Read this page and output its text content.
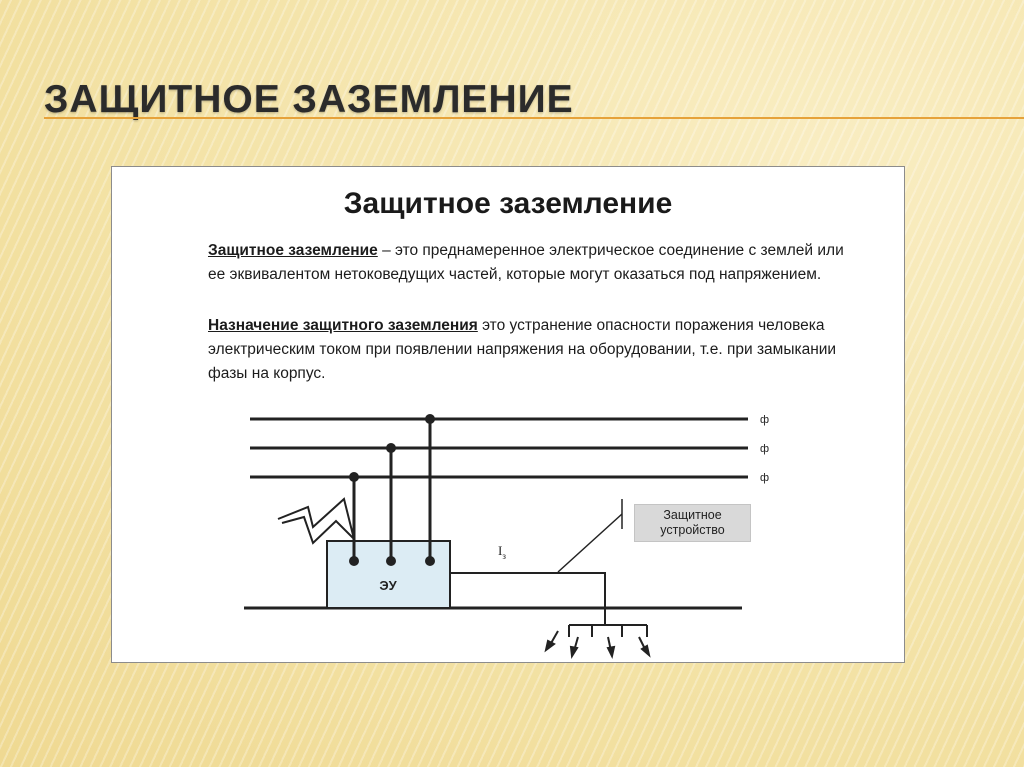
ЗАЩИТНОЕ ЗАЗЕМЛЕНИЕ
Защитное заземление
Защитное заземление – это преднамеренное электрическое соединение с землей или ее эквивалентом нетоковедущих частей, которые могут оказаться под напряжением.
Назначение защитного заземления это устранение опасности поражения человека электрическим током при появлении напряжения на оборудовании, т.е. при замыкании фазы на корпус.
ф
ф
ф
ЭУ
$I_з$
Защитное устройство
